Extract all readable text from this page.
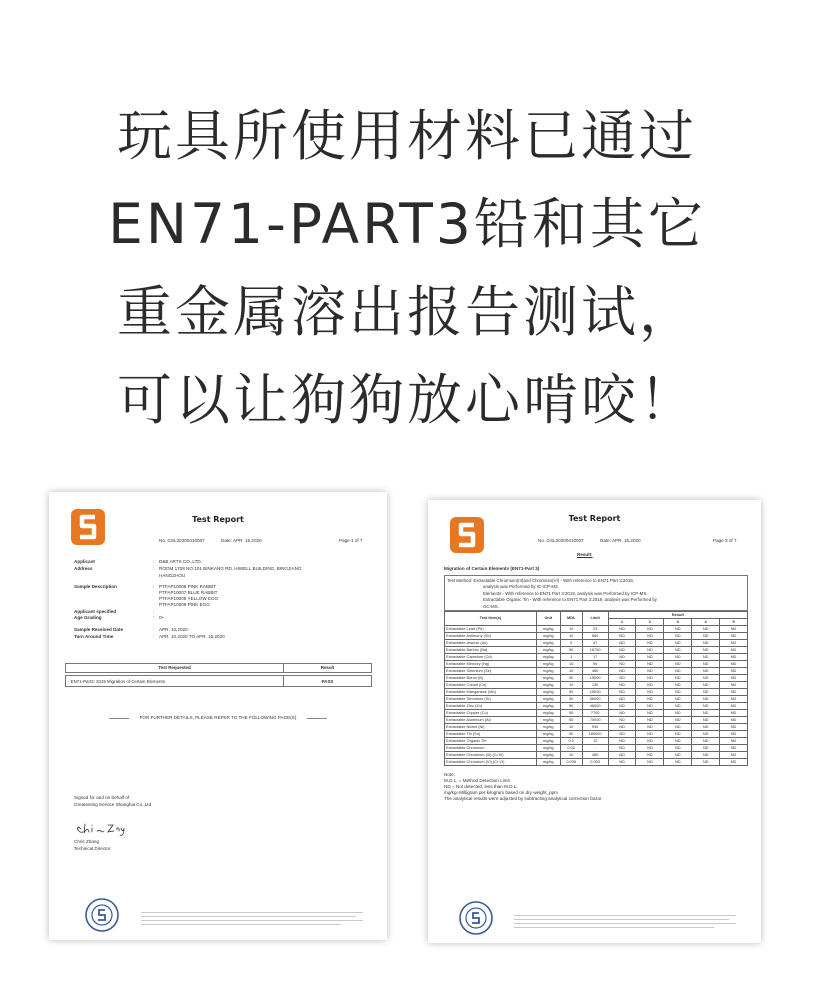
玩具所使用材料已通过
EN71-PART3铅和其它
重金属溶出报告测试，
可以让狗狗放心啃咬！
Test Report
No. GSL20200410007	Date: APR. 15,2020	Page 1 of 7
Applicant	: D&B ARTS CO.,LTD.
Address	: ROOM 1708 NO.101 BINKANG RD. HIWELL BUILDING, BINGJIANG
HANGZHOU
Sample Description	: PTFAP10006 PINK RABBIT
PTFAP10007 BLUE RABBIT
PTFAP10008 YELLOW EGG
PTFAP10009 PINK EGG
Applicant specified	:
Age Grading	: 0+
Sample Received Date	: APR. 10,2020
Turn Around Time	: APR. 10,2020 TO APR. 15,2020
Test Requested	Result
- EN71-Part3: 2019 Migration of Certain Elements	PASS
FOR FURTHER DETAILS, PLEASE REFER TO THE FOLLOWING PAGE(S)
Signed for and on behalf of
Greatesting Service Shanghai Co.,Ltd
Chris Zhang
Technical Director
Test Report
No. GSL20200410007	Date: APR. 15,2020	Page 3 of 7
Result:
Migration of Certain Elements (EN71-Part 3)
Test Method: Extractable Chromium(III)and Chromium(VI) - With reference to EN71 Part 3:2019,
analysis was Performed by IC-ICP-MS.
Elements - With reference to EN71 Part 3:2019, analysis was Performed by ICP-MS.
Extractable Organic Tin - With reference to EN71 Part 3:2019, analysis was Performed by
GC-MS.
Test Item(s)	Unit	MDL	Limit	Result				
				1	2	3	4	5
Extractable Lead (Pb)	mg/kg	10	23	ND	ND	ND	ND	ND
Extractable Antimony (Sb)	mg/kg	10	560	ND	ND	ND	ND	ND
Extractable Arsenic (As)	mg/kg	5	47	ND	ND	ND	ND	ND
Extractable Barium (Ba)	mg/kg	50	18750	ND	ND	ND	ND	ND
Extractable Cadmium (Cd)	mg/kg	1	17	ND	ND	ND	ND	ND
Extractable Mercury (Hg)	mg/kg	10	94	ND	ND	ND	ND	ND
Extractable Selenium (Se)	mg/kg	10	460	ND	ND	ND	ND	ND
Extractable Boron (B)	mg/kg	50	15000	ND	ND	ND	ND	ND
Extractable Cobalt (Co)	mg/kg	10	130	ND	ND	ND	ND	ND
Extractable Manganese (Mn)	mg/kg	50	15000	ND	ND	ND	ND	ND
Extractable Strontium (Sr)	mg/kg	50	56000	ND	ND	ND	ND	ND
Extractable Zinc (Zn)	mg/kg	50	46000	ND	ND	ND	ND	ND
Extractable Copper (Cu)	mg/kg	50	7700	ND	ND	ND	ND	ND
Extractable Aluminum (Al)	mg/kg	50	70000	ND	ND	ND	ND	ND
Extractable Nickel (Ni)	mg/kg	10	930	ND	ND	ND	ND	ND
Extractable Tin (Sn)	mg/kg	50	180000	ND	ND	ND	ND	ND
Extractable Organic Tin	mg/kg	0.2	12	ND	ND	ND	ND	ND
Extractable Chromium	mg/kg	0.02	-	ND	ND	ND	ND	ND
Extractable Chromium (III) (Cr III)	mg/kg	10	460	ND	ND	ND	ND	ND
Extractable Chromium (VI) (Cr VI)	mg/kg	0.005	0.053	ND	ND	ND	ND	ND
Note:
M.D.L. = Method Detection Limit
ND = Not detected, less than M.D.L.
mg/kg=Milligram per kilogram based on dry weight_ppm
The analytical results were adjusted by subtracting analytical correction factor
